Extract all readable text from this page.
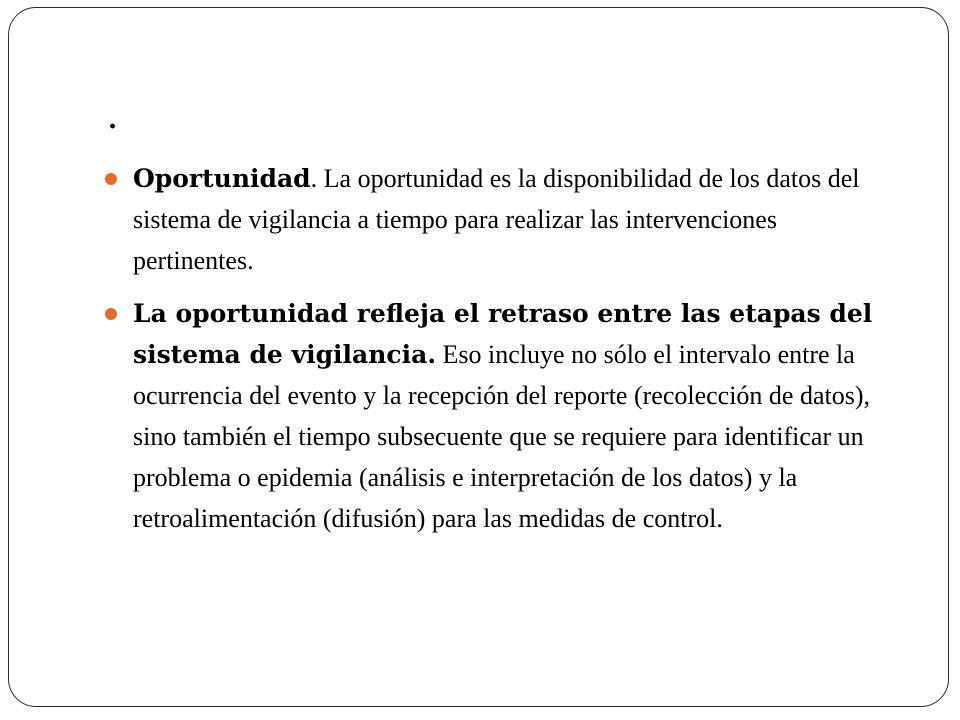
.
Oportunidad. La oportunidad es la disponibilidad de los datos del sistema de vigilancia a tiempo para realizar las intervenciones pertinentes.
La oportunidad refleja el retraso entre las etapas del sistema de vigilancia. Eso incluye no sólo el intervalo entre la ocurrencia del evento y la recepción del reporte (recolección de datos), sino también el tiempo subsecuente que se requiere para identificar un problema o epidemia (análisis e interpretación de los datos) y la retroalimentación (difusión) para las medidas de control.
